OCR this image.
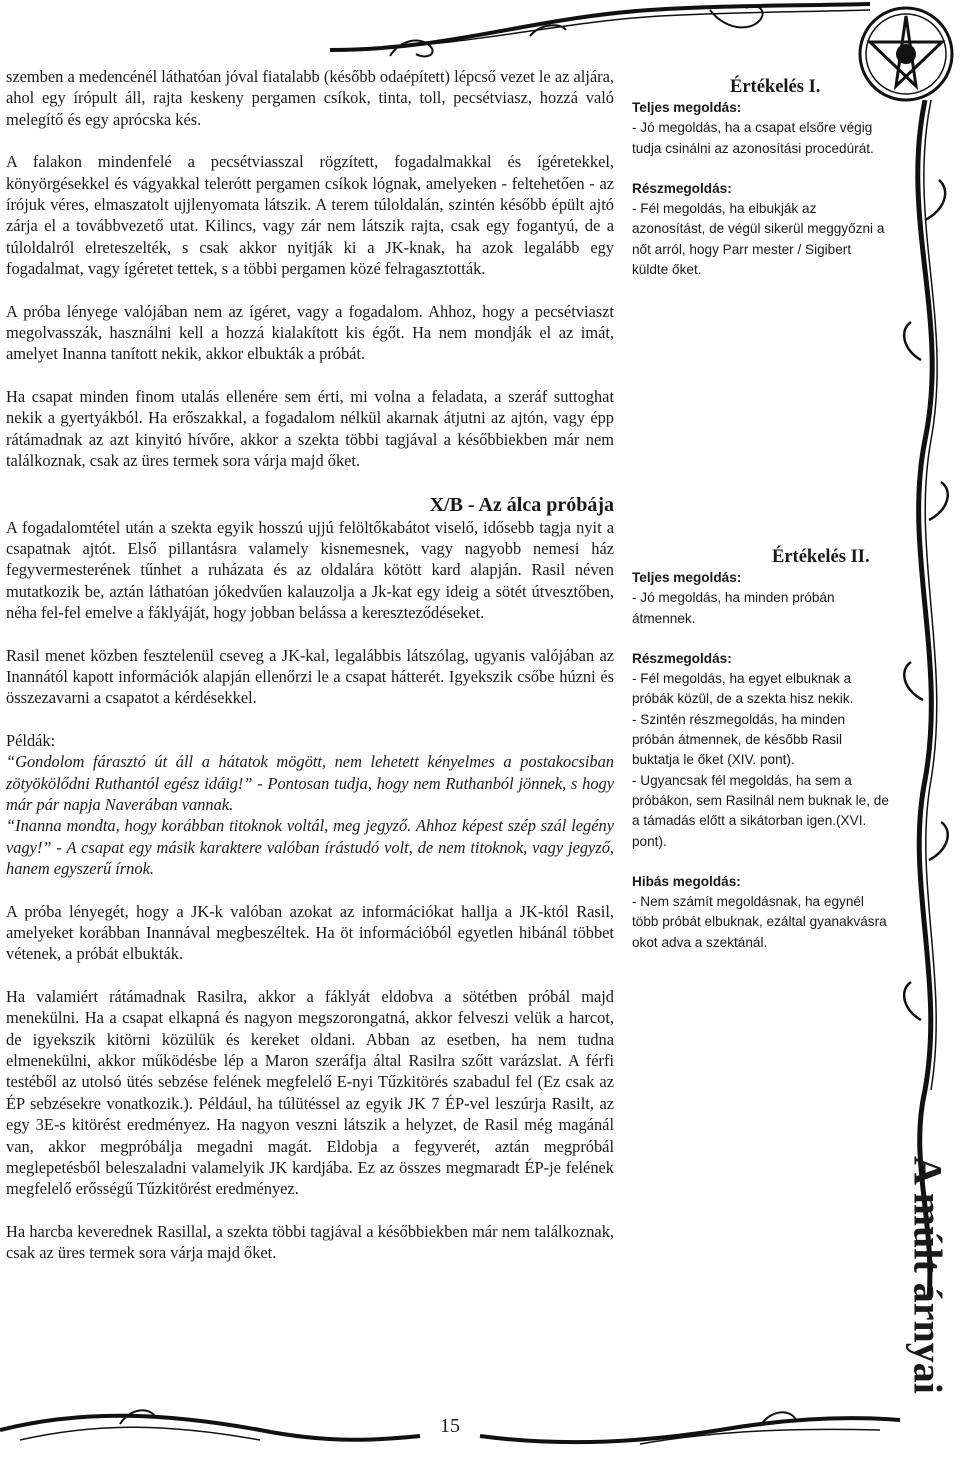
szemben a medencénél láthatóan jóval fiatalabb (később odaépített) lépcső vezet le az aljára, ahol egy írópult áll, rajta keskeny pergamen csíkok, tinta, toll, pecsétviasz, hozzá való melegítő és egy aprócska kés.

A falakon mindenfelé a pecsétviasszal rögzített, fogadalmakkal és ígéretekkel, könyörgésekkel és vágyakkal telerótt pergamen csíkok lógnak, amelyeken - feltehetően - az írójuk véres, elmaszatolt ujjlenyomata látszik. A terem túloldalán, szintén később épült ajtó zárja el a továbbvezető utat. Kilincs, vagy zár nem látszik rajta, csak egy fogantyú, de a túloldalról elreteszelték, s csak akkor nyitják ki a JK-knak, ha azok legalább egy fogadalmat, vagy ígéretet tettek, s a többi pergamen közé felragasztották.

A próba lényege valójában nem az ígéret, vagy a fogadalom. Ahhoz, hogy a pecsétviaszt megolvasszák, használni kell a hozzá kialakított kis égőt. Ha nem mondják el az imát, amelyet Inanna tanított nekik, akkor elbukták a próbát.

Ha csapat minden finom utalás ellenére sem érti, mi volna a feladata, a szeráf suttoghat nekik a gyertyákból. Ha erőszakkal, a fogadalom nélkül akarnak átjutni az ajtón, vagy épp rátámadnak az azt kinyitó hívőre, akkor a szekta többi tagjával a későbbiekben már nem találkoznak, csak az üres termek sora várja majd őket.

X/B - Az álca próbája

A fogadalomtétel után a szekta egyik hosszú ujjú felöltőkabátot viselő, idősebb tagja nyit a csapatnak ajtót. Első pillantásra valamely kisnemesnek, vagy nagyobb nemesi ház fegyvermesterének tűnhet a ruházata és az oldalára kötött kard alapján. Rasil néven mutatkozik be, aztán láthatóan jókedvűen kalauzolja a Jk-kat egy ideig a sötét útvesztőben, néha fel-fel emelve a fáklyáját, hogy jobban belássa a kereszteződéseket.

Rasil menet közben fesztelenül cseveg a JK-kal, legalábbis látszólag, ugyanis valójában az Inannától kapott információk alapján ellenőrzi le a csapat hátterét. Igyekszik csőbe húzni és összezavarni a csapatot a kérdésekkel.

Példák:

“Gondolom fárasztó út áll a hátatok mögött, nem lehetett kényelmes a postakocsiban zötyökölődni Ruthantól egész idáig!” - Pontosan tudja, hogy nem Ruthanból jönnek, s hogy már pár napja Naverában vannak.

“Inanna mondta, hogy korábban titoknok voltál, meg jegyző. Ahhoz képest szép szál legény vagy!” - A csapat egy másik karaktere valóban írástudó volt, de nem titoknok, vagy jegyző, hanem egyszerű írnok.

A próba lényegét, hogy a JK-k valóban azokat az információkat hallja a JK-któl Rasil, amelyeket korábban Inannával megbeszéltek. Ha öt információból egyetlen hibánál többet vétenek, a próbát elbukták.

Ha valamiért rátámadnak Rasilra, akkor a fáklyát eldobva a sötétben próbál majd menekülni. Ha a csapat elkapná és nagyon megszorongatná, akkor felveszi velük a harcot, de igyekszik kitörni közülük és kereket oldani. Abban az esetben, ha nem tudna elmenekülni, akkor működésbe lép a Maron szeráfja által Rasilra szőtt varázslat. A férfi testéből az utolsó ütés sebzése felének megfelelő E-nyi Tűzkitörés szabadul fel (Ez csak az ÉP sebzésekre vonatkozik.). Például, ha túlütéssel az egyik JK 7 ÉP-vel leszúrja Rasilt, az egy 3E-s kitörést eredményez. Ha nagyon veszni látszik a helyzet, de Rasil még magánál van, akkor megpróbálja megadni magát. Eldobja a fegyverét, aztán megpróbál meglepetésből beleszaladni valamelyik JK kardjába. Ez az összes megmaradt ÉP-je felének megfelelő erősségű Tűzkitörést eredményez.

Ha harcba keverednek Rasillal, a szekta többi tagjával a későbbiekben már nem találkoznak, csak az üres termek sora várja majd őket.

Értékelés I.
Teljes megoldás:
- Jó megoldás, ha a csapat elsőre végig tudja csinálni az azonosítási procedúrát.
Részmegoldás:
- Fél megoldás, ha elbukják az azonosítást, de végül sikerül meggyőzni a nőt arról, hogy Parr mester / Sigibert küldte őket.
Értékelés II.
Teljes megoldás:
- Jó megoldás, ha minden próbán átmennek.
Részmegoldás:
- Fél megoldás, ha egyet elbuknak a próbák közül, de a szekta hisz nekik.
- Szintén részmegoldás, ha minden próbán átmennek, de később Rasil buktatja le őket (XIV. pont).
- Ugyancsak fél megoldás, ha sem a próbákon, sem Rasilnál nem buknak le, de a támadás előtt a sikátorban igen.(XVI. pont).
Hibás megoldás:
- Nem számít megoldásnak, ha egynél több próbát elbuknak, ezáltal gyanakvásra okot adva a szektánál.
A múlt árnyai
15
